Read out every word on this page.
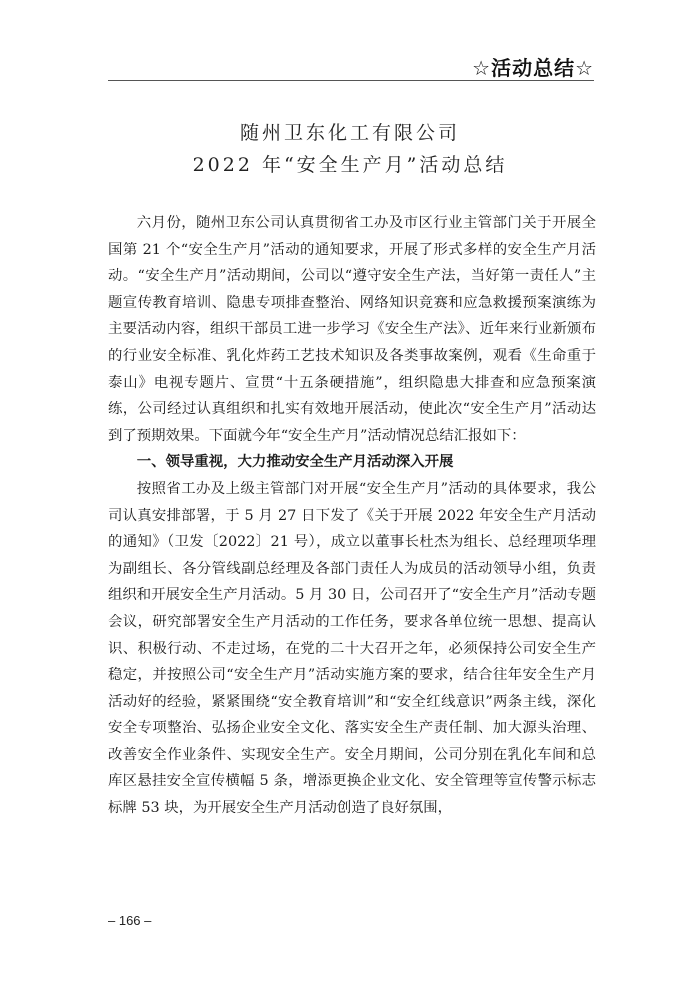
☆活动总结☆
随州卫东化工有限公司
2022 年“安全生产月”活动总结

六月份，随州卫东公司认真贯彻省工办及市区行业主管部门关于开展全国第 21 个“安全生产月”活动的通知要求，开展了形式多样的安全生产月活动。“安全生产月”活动期间，公司以“遵守安全生产法，当好第一责任人”主题宣传教育培训、隐患专项排查整治、网络知识竞赛和应急救援预案演练为主要活动内容，组织干部员工进一步学习《安全生产法》、近年来行业新颁布的行业安全标准、乳化炸药工艺技术知识及各类事故案例，观看《生命重于泰山》电视专题片、宣贯“十五条硬措施”，组织隐患大排查和应急预案演练，公司经过认真组织和扎实有效地开展活动，使此次“安全生产月”活动达到了预期效果。下面就今年“安全生产月”活动情况总结汇报如下：

一、领导重视，大力推动安全生产月活动深入开展

按照省工办及上级主管部门对开展“安全生产月”活动的具体要求，我公司认真安排部署，于 5 月 27 日下发了《关于开展 2022 年安全生产月活动的通知》（卫发〔2022〕21 号），成立以董事长杜杰为组长、总经理项华理为副组长、各分管线副总经理及各部门责任人为成员的活动领导小组，负责组织和开展安全生产月活动。5 月 30 日，公司召开了“安全生产月”活动专题会议，研究部署安全生产月活动的工作任务，要求各单位统一思想、提高认识、积极行动、不走过场，在党的二十大召开之年，必须保持公司安全生产稳定，并按照公司“安全生产月”活动实施方案的要求，结合往年安全生产月活动好的经验，紧紧围绕“安全教育培训”和“安全红线意识”两条主线，深化安全专项整治、弘扬企业安全文化、落实安全生产责任制、加大源头治理、改善安全作业条件、实现安全生产。安全月期间，公司分别在乳化车间和总库区悬挂安全宣传横幅 5 条，增添更换企业文化、安全管理等宣传警示标志标牌 53 块，为开展安全生产月活动创造了良好氛围，

– 166 –
